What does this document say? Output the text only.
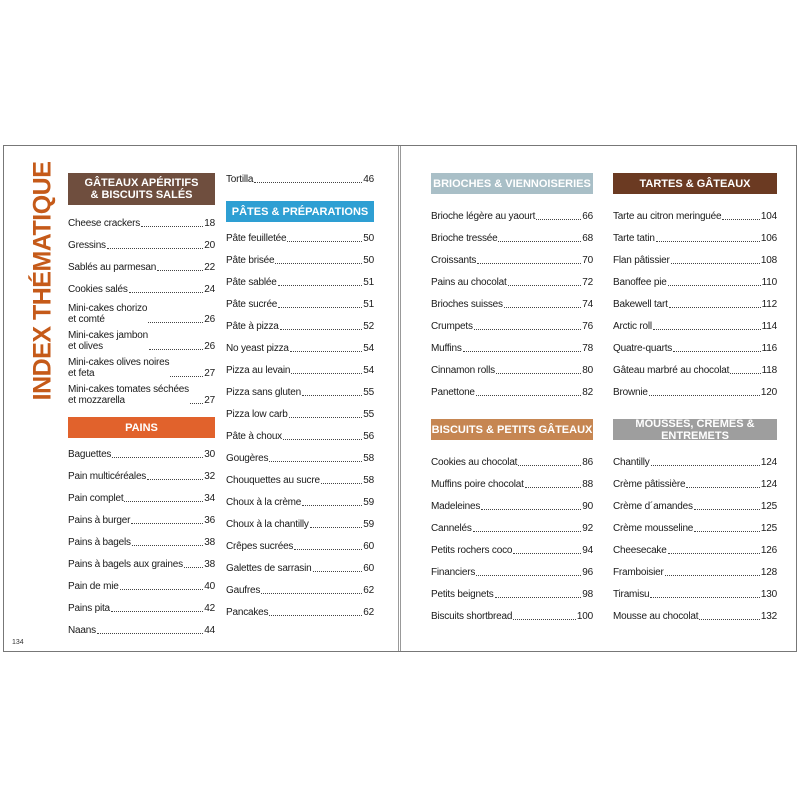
INDEX THÉMATIQUE	GÂTEAUX APÉRITIFS
& BISCUITS SALÉS
Cheese crackers	18
Gressins	20
Sablés au parmesan	22
Cookies salés	24
Mini-cakes chorizo
et comté	26
Mini-cakes jambon
et olives	26
Mini-cakes olives noires
et feta	27
Mini-cakes tomates séchées
et mozzarella	27
PAINS
Baguettes	30
Pain multicéréales	32
Pain complet	34
Pains à burger	36
Pains à bagels	38
Pains à bagels aux graines 38
Pain de mie	40
Pains pita	42
Naans	44
Tortilla	46
PÂTES & PRÉPARATIONS
Pâte feuilletée	50
Pâte brisée	50
Pâte sablée	51
Pâte sucrée	51
Pâte à pizza	52
No yeast pizza	54
Pizza au levain	54
Pizza sans gluten	55
Pizza low carb	55
Pâte à choux	56
Gougères	58
Chouquettes au sucre	58
Choux à la crème	59
Choux à la chantilly	59
Crêpes sucrées	60
Galettes de sarrasin	60
Gaufres	62
Pancakes	62
134
BRIOCHES & VIENNOISERIES
Brioche légère au yaourt	66
Brioche tressée	68
Croissants	70
Pains au chocolat	72
Brioches suisses	74
Crumpets	76
Muffins	78
Cinnamon rolls	80
Panettone	82
BISCUITS & PETITS GÂTEAUX
Cookies au chocolat	86
Muffins poire chocolat	88
Madeleines	90
Cannelés	92
Petits rochers coco	94
Financiers	96
Petits beignets	98
Biscuits shortbread	100
TARTES & GÂTEAUX
Tarte au citron meringuée	104
Tarte tatin	106
Flan pâtissier	108
Banoffee pie	110
Bakewell tart	112
Arctic roll	114
Quatre-quarts	116
Gâteau marbré au chocolat	118
Brownie	120
MOUSSES, CRÈMES & ENTREMETS
Chantilly	124
Crème pâtissière	124
Crème d´amandes	125
Crème mousseline	125
Cheesecake	126
Framboisier	128
Tiramisu	130
Mousse au chocolat	132
